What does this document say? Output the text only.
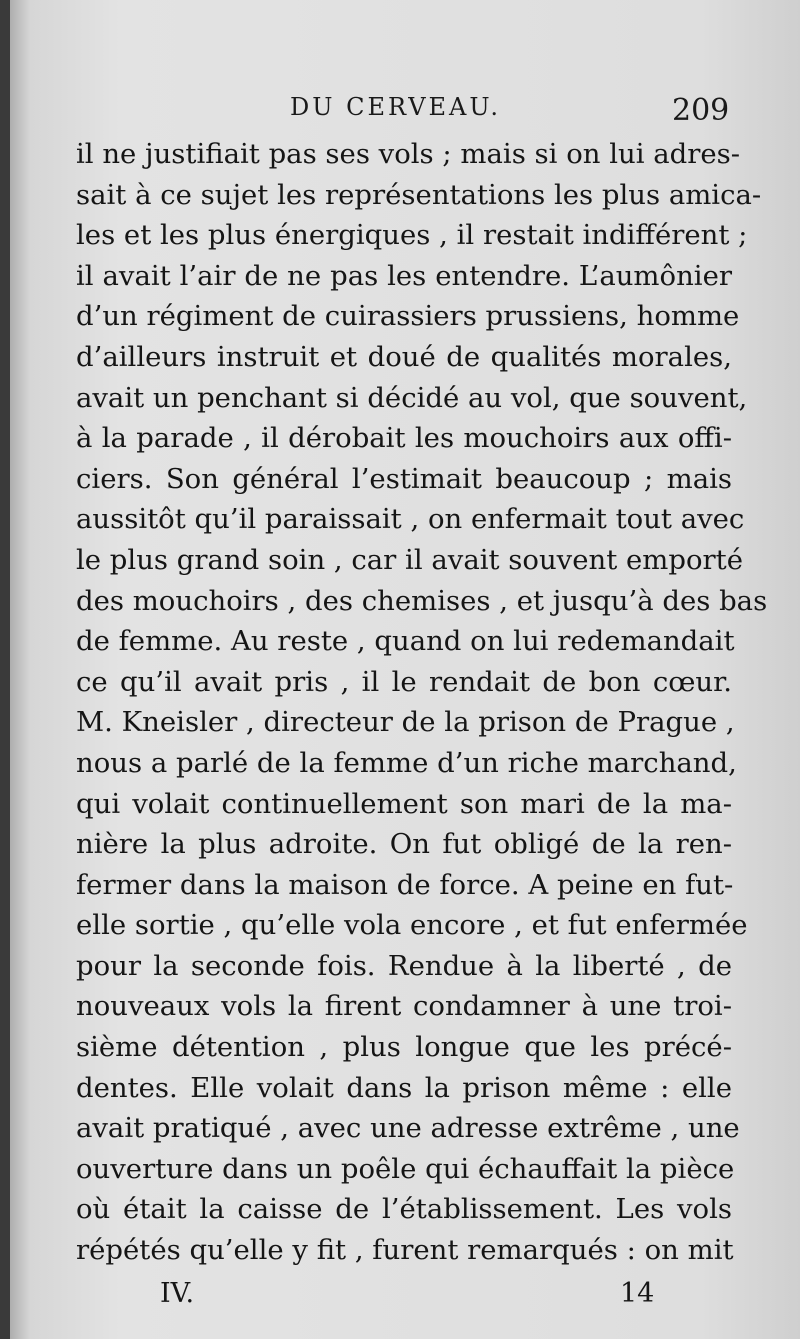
DU CERVEAU.	209
il ne justifiait pas ses vols ; mais si on lui adres-
sait à ce sujet les représentations les plus amica-
les et les plus énergiques , il restait indifférent ;
il avait l’air de ne pas les entendre. L’aumônier
d’un régiment de cuirassiers prussiens, homme
d’ailleurs instruit et doué de qualités morales,
avait un penchant si décidé au vol, que souvent,
à la parade , il dérobait les mouchoirs aux offi-
ciers. Son général l’estimait beaucoup ; mais
aussitôt qu’il paraissait , on enfermait tout avec
le plus grand soin , car il avait souvent emporté
des mouchoirs , des chemises , et jusqu’à des bas
de femme. Au reste , quand on lui redemandait
ce qu’il avait pris , il le rendait de bon cœur.
M. Kneisler , directeur de la prison de Prague ,
nous a parlé de la femme d’un riche marchand,
qui volait continuellement son mari de la ma-
nière la plus adroite. On fut obligé de la ren-
fermer dans la maison de force. A peine en fut-
elle sortie , qu’elle vola encore , et fut enfermée
pour la seconde fois. Rendue à la liberté , de
nouveaux vols la firent condamner à une troi-
sième détention , plus longue que les précé-
dentes. Elle volait dans la prison même : elle
avait pratiqué , avec une adresse extrême , une
ouverture dans un poêle qui échauffait la pièce
où était la caisse de l’établissement. Les vols
répétés qu’elle y fit , furent remarqués : on mit
IV.	14
